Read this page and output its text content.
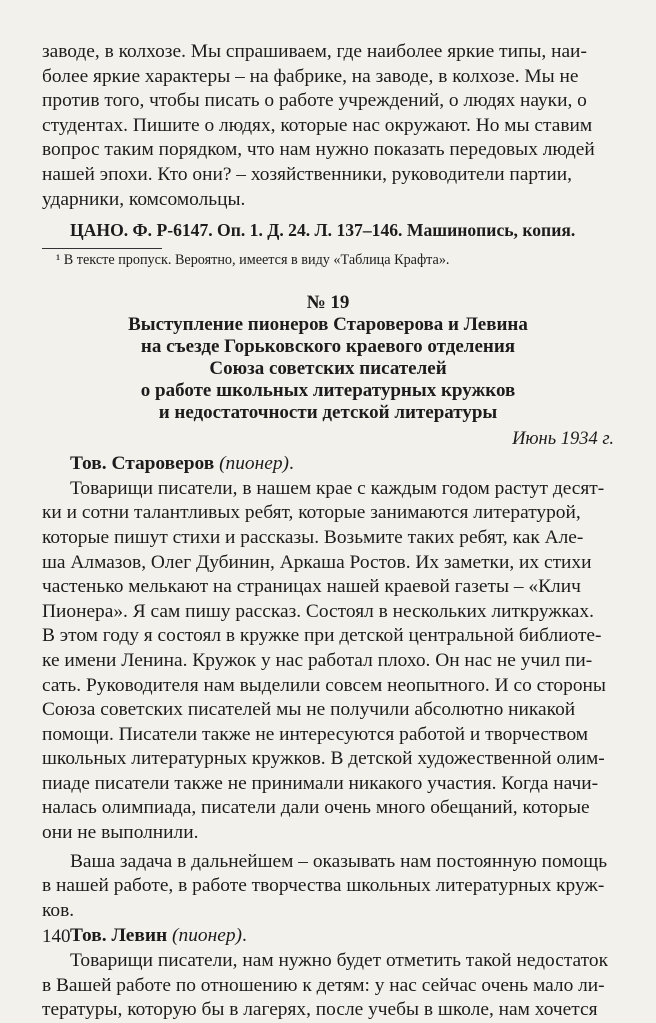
заводе, в колхозе. Мы спрашиваем, где наиболее яркие типы, наи-

более яркие характеры – на фабрике, на заводе, в колхозе. Мы не

против того, чтобы писать о работе учреждений, о людях науки, о

студентах. Пишите о людях, которые нас окружают. Но мы ставим

вопрос таким порядком, что нам нужно показать передовых людей

нашей эпохи. Кто они? – хозяйственники, руководители партии,

ударники, комсомольцы.

ЦАНО. Ф. Р-6147. Оп. 1. Д. 24. Л. 137–146. Машинопись, копия.

¹ В тексте пропуск. Вероятно, имеется в виду «Таблица Крафта».

№ 19

Выступление пионеров Староверова и Левина

на съезде Горьковского краевого отделения

Союза советских писателей

о работе школьных литературных кружков

и недостаточности детской литературы

Июнь 1934 г.

Тов. Староверов (пионер).

Товарищи писатели, в нашем крае с каждым годом растут десят-

ки и сотни талантливых ребят, которые занимаются литературой,

которые пишут стихи и рассказы. Возьмите таких ребят, как Але-

ша Алмазов, Олег Дубинин, Аркаша Ростов. Их заметки, их стихи

частенько мелькают на страницах нашей краевой газеты – «Клич

Пионера». Я сам пишу рассказ. Состоял в нескольких литкружках.

В этом году я состоял в кружке при детской центральной библиоте-

ке имени Ленина. Кружок у нас работал плохо. Он нас не учил пи-

сать. Руководителя нам выделили совсем неопытного. И со стороны

Союза советских писателей мы не получили абсолютно никакой

помощи. Писатели также не интересуются работой и творчеством

школьных литературных кружков. В детской художественной олим-

пиаде писатели также не принимали никакого участия. Когда начи-

налась олимпиада, писатели дали очень много обещаний, которые

они не выполнили.

Ваша задача в дальнейшем – оказывать нам постоянную помощь

в нашей работе, в работе творчества школьных литературных круж-

ков.

Тов. Левин (пионер).

Товарищи писатели, нам нужно будет отметить такой недостаток

в Вашей работе по отношению к детям: у нас сейчас очень мало ли-

тературы, которую бы в лагерях, после учебы в школе, нам хочется

140
